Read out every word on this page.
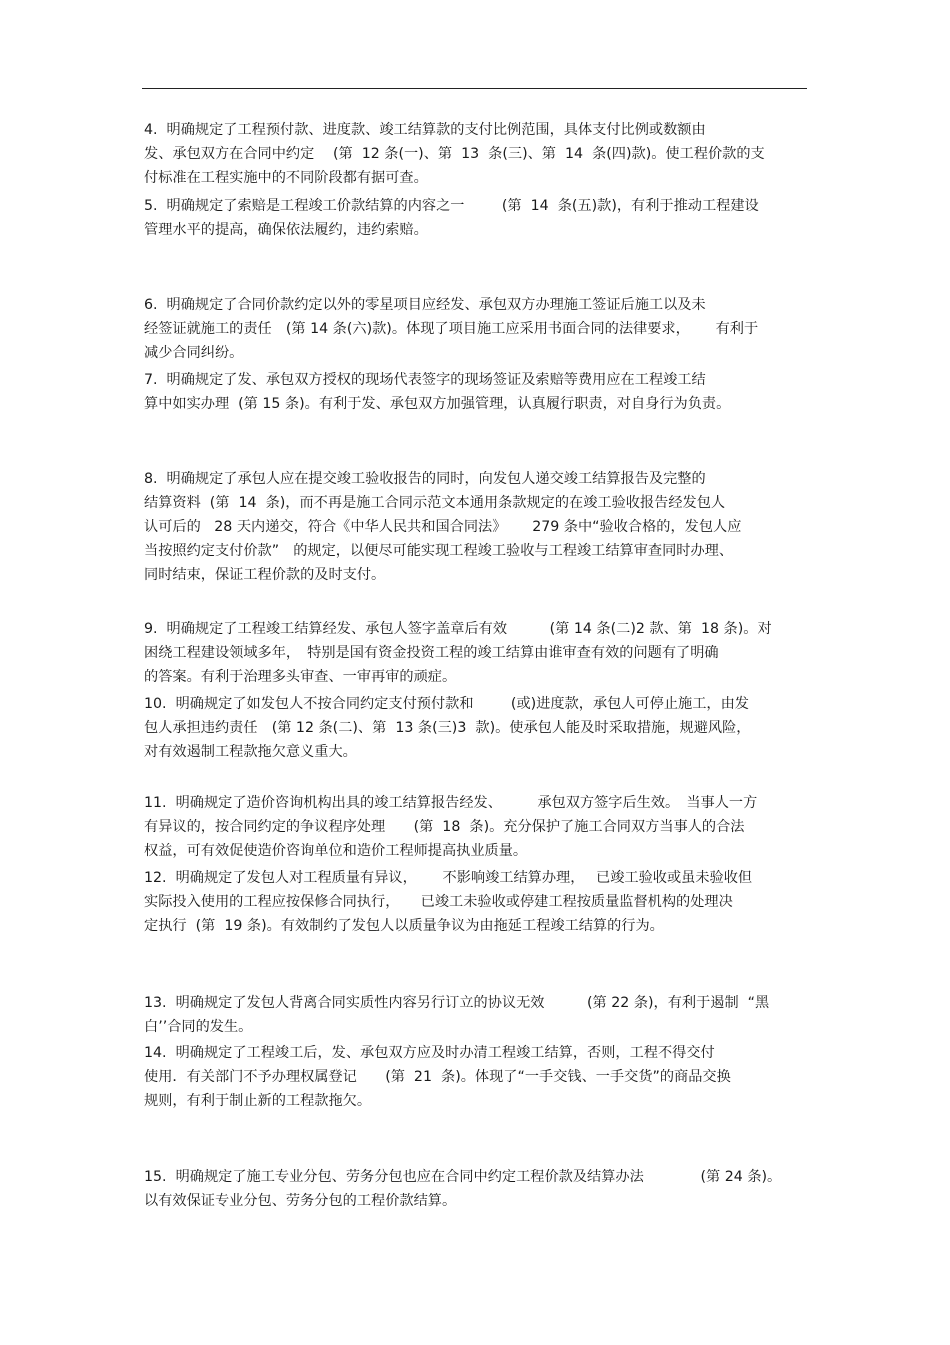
4.  明确规定了工程预付款、进度款、竣工结算款的支付比例范围，具体支付比例或数额由
发、承包双方在合同中约定　 (第  12 条(一)、第  13  条(三)、第  14  条(四)款)。使工程价款的支
付标准在工程实施中的不同阶段都有据可查。
5.  明确规定了索赔是工程竣工价款结算的内容之一　　  (第  14  条(五)款)，有利于推动工程建设
管理水平的提高，确保依法履约，违约索赔。
6.  明确规定了合同价款约定以外的零星项目应经发、承包双方办理施工签证后施工以及未
经签证就施工的责任　(第 14 条(六)款)。体现了项目施工应采用书面合同的法律要求，　　 有利于
减少合同纠纷。
7.  明确规定了发、承包双方授权的现场代表签字的现场签证及索赔等费用应在工程竣工结
算中如实办理  (第 15 条)。有利于发、承包双方加强管理，认真履行职责，对自身行为负责。
8.  明确规定了承包人应在提交竣工验收报告的同时，向发包人递交竣工结算报告及完整的
结算资料  (第  14  条)，而不再是施工合同示范文本通用条款规定的在竣工验收报告经发包人
认可后的   28 天内递交，符合《中华人民共和国合同法》　　 279 条中“验收合格的，发包人应
当按照约定支付价款”　的规定，以便尽可能实现工程竣工验收与工程竣工结算审查同时办理、
同时结束，保证工程价款的及时支付。
9.  明确规定了工程竣工结算经发、承包人签字盖章后有效　　　(第 14 条(二)2 款、第  18 条)。对
困绕工程建设领域多年，　特别是国有资金投资工程的竣工结算由谁审查有效的问题有了明确
的答案。有利于治理多头审查、一审再审的顽症。
10.  明确规定了如发包人不按合同约定支付预付款和　　  (或)进度款，承包人可停止施工，由发
包人承担违约责任　(第 12 条(二)、第  13 条(三)3  款)。使承包人能及时采取措施，规避风险，
对有效遏制工程款拖欠意义重大。
11.  明确规定了造价咨询机构出具的竣工结算报告经发、　　　承包双方签字后生效。　当事人一方
有异议的，按合同约定的争议程序处理　　(第  18  条)。充分保护了施工合同双方当事人的合法
权益，可有效促使造价咨询单位和造价工程师提高执业质量。
12.  明确规定了发包人对工程质量有异议，　　 不影响竣工结算办理，　 已竣工验收或虽未验收但
实际投入使用的工程应按保修合同执行，　　已竣工未验收或停建工程按质量监督机构的处理决
定执行  (第  19 条)。有效制约了发包人以质量争议为由拖延工程竣工结算的行为。
13.  明确规定了发包人背离合同实质性内容另行订立的协议无效　　　(第 22 条)，有利于遏制  “黑
白’’合同的发生。
14.  明确规定了工程竣工后，发、承包双方应及时办清工程竣工结算，否则，工程不得交付
使用．有关部门不予办理权属登记　　(第  21  条)。体现了“一手交钱、一手交货”的商品交换
规则，有利于制止新的工程款拖欠。
15.  明确规定了施工专业分包、劳务分包也应在合同中约定工程价款及结算办法　　　　(第 24 条)。
以有效保证专业分包、劳务分包的工程价款结算。
